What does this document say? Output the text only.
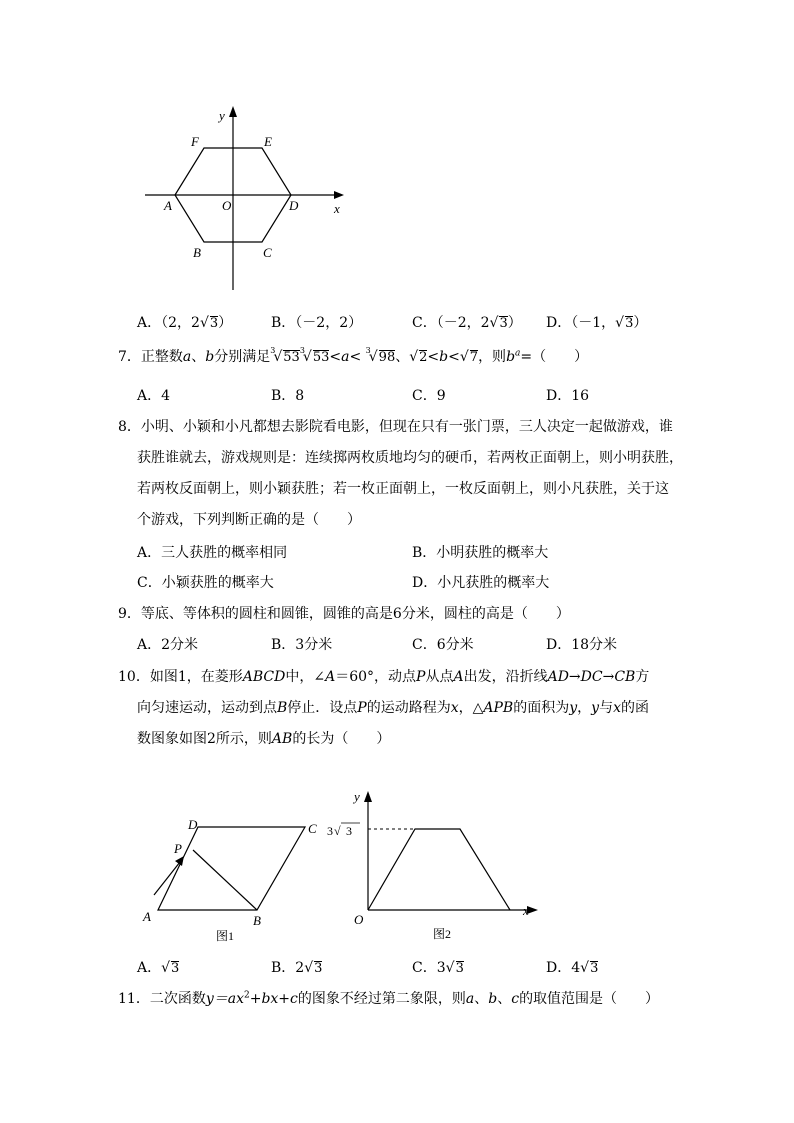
y
x
F	E
A	O	D
B	C
A．（2，2√3）	B．（－2，2）	C．（－2，2√3） D．（－1，√3）
7．正整数a、b分别满足$^3√53^3√53<a< ^3√98$、√2<b<√7，则$b^a=$（　　）
A．4	B．8	C．9	D．16
8．小明、小颖和小凡都想去影院看电影，但现在只有一张门票，三人决定一起做游戏，谁
获胜谁就去，游戏规则是：连续掷两枚质地均匀的硬币，若两枚正面朝上，则小明获胜，
若两枚反面朝上，则小颖获胜；若一枚正面朝上，一枚反面朝上，则小凡获胜，关于这
个游戏，下列判断正确的是（　　）
A．三人获胜的概率相同	B．小明获胜的概率大
C．小颖获胜的概率大	D．小凡获胜的概率大
9．等底、等体积的圆柱和圆锥，圆锥的高是6分米，圆柱的高是（　　）
A．2分米	B．3分米	C．6分米	D．18分米
10．如图1，在菱形ABCD中，∠A＝60°，动点P从点A出发，沿折线AD→DC→CB方
向匀速运动，运动到点B停止．设点P的运动路程为x，△APB的面积为y，y与x的函
数图象如图2所示，则AB的长为（　　）
D	C
P
A	B
图1
y
x
O
3 √ 3
图2
A．√3	B．2√3	C．3√3	D．4√3
11．二次函数$y=ax^2+bx+c$的图象不经过第二象限，则a、b、c的取值范围是（　　）
